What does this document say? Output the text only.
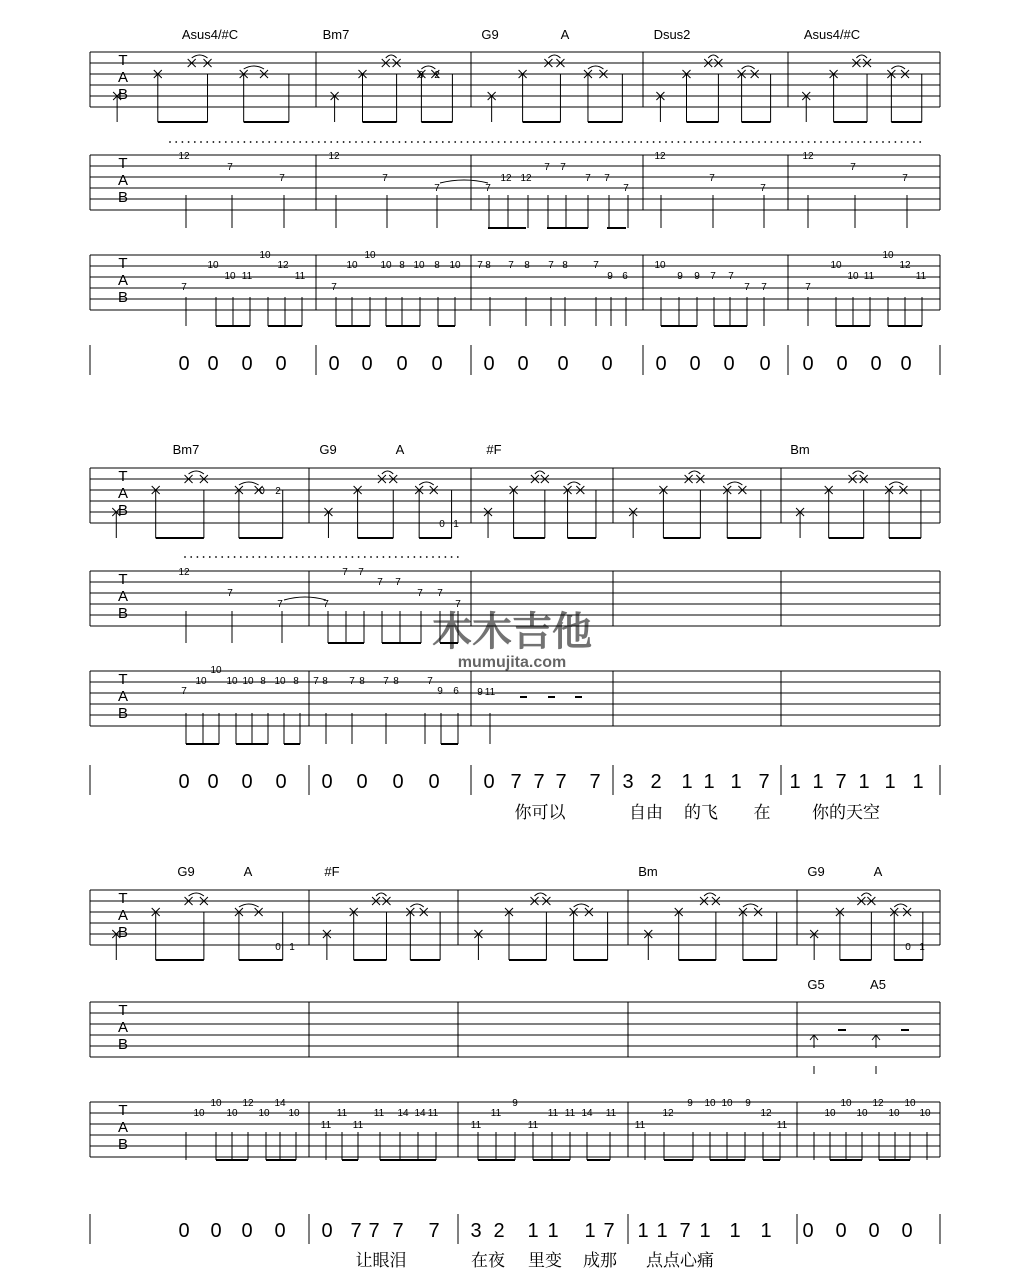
Asus4/#C	Bm7	G9	A	Dsus2	Asus4/#C
T
A
B
0 2
T
A
B
12
7
7
12
7
7	7
12 12
7 7
7 7
7
12
7
7
12
7
7
T
A
B
7
10
10 11
10
12
11
7
10
10
10 8 10 8 10 7 8 7 8 7 8	7
9 6
10
9 9 7 7
7 7	7
10
10 11
10
12
11
0 0 0 0 0 0 0 0 0 0 0 0 0 0 0 0 0 0 0 0
Bm7	G9	A	#F	Bm
T
A
B
0 2
0 1
T
A
B
12
7
7	7
7 7
7 7
7 7
7
T
A
B
7
10
10
10 10 8 10 8 7 8 7 8 7 8	7
9 6 9 11
0 0 0 0 0 0 0 0 0 7 7 7 7 3 2 1 1 1 7 1 1 7 1 1 1
你可以	自由 的飞 在 你的天空
G9	A	#F	Bm	G9	A
G5	A5
T
A
B
0 1	0 1
T
A
B
T
A
B
10
10
10
12
10
14
10
11
11
11
11 14 14 11
11
11
9
11
11 11 14 11
11
12
9 10 10 9
12
11
10
10
10
12
10
10
10
0 0 0 0 0 7 7 7 7 3 2 1 1 1 7 1 1 7 1 1 1 0 0 0 0
让眼泪	在夜 里变 成那 点点心痛
木木吉他
mumujita.com
